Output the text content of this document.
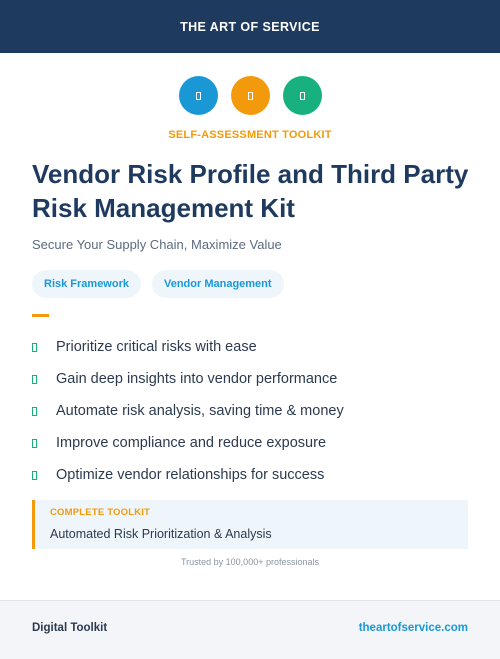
THE ART OF SERVICE
SELF-ASSESSMENT TOOLKIT
Vendor Risk Profile and Third Party Risk Management Kit
Secure Your Supply Chain, Maximize Value
Risk Framework	Vendor Management
Prioritize critical risks with ease
Gain deep insights into vendor performance
Automate risk analysis, saving time & money
Improve compliance and reduce exposure
Optimize vendor relationships for success
COMPLETE TOOLKIT
Automated Risk Prioritization & Analysis
Trusted by 100,000+ professionals
Digital Toolkit	theartofservice.com
